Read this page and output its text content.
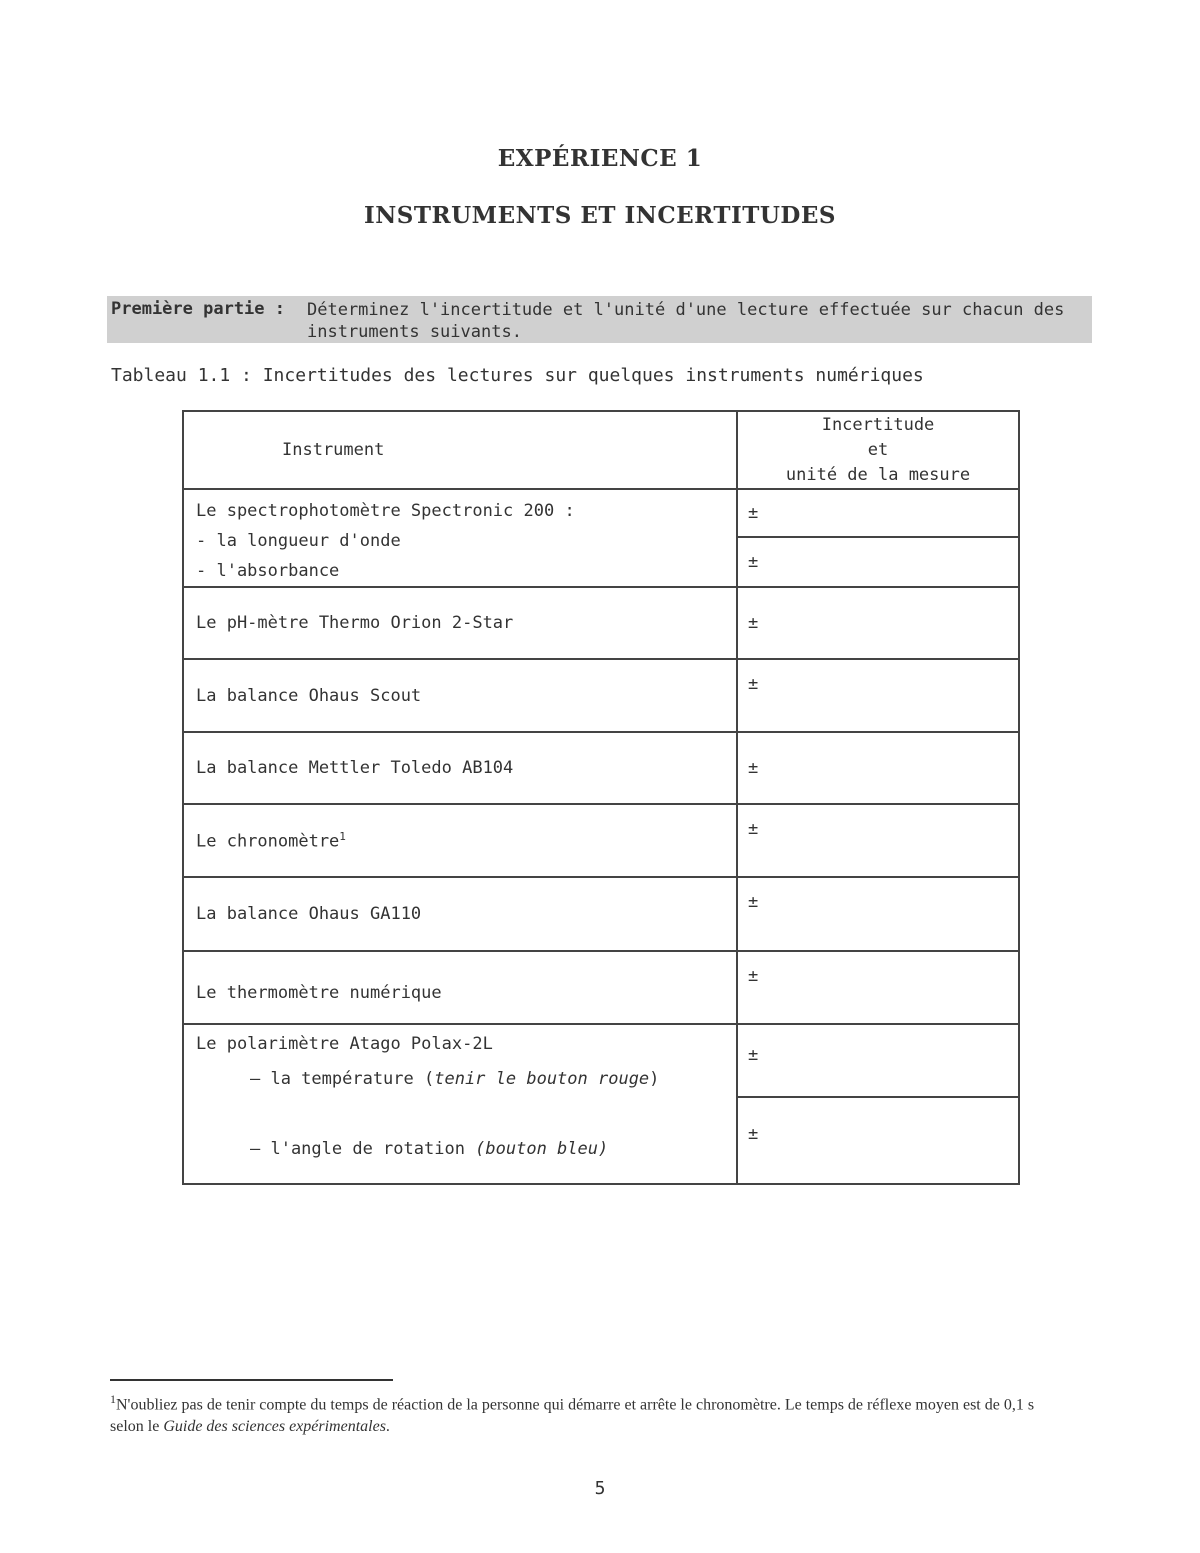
EXPÉRIENCE 1
INSTRUMENTS ET INCERTITUDES
Première partie : Déterminez l'incertitude et l'unité d'une lecture effectuée sur chacun des instruments suivants.
Tableau 1.1 : Incertitudes des lectures sur quelques instruments numériques
Instrument	Incertitude
et
unité de la mesure

Le spectrophotomètre Spectronic 200 :
- la longueur d'onde
- l'absorbance	±
	±
Le pH-mètre Thermo Orion 2-Star	±
La balance Ohaus Scout	±
La balance Mettler Toledo AB104	±
Le chronomètre$^1$	±
La balance Ohaus GA110	±
Le thermomètre numérique	±

Le polarimètre Atago Polax-2L
— la température (tenir le bouton rouge)
— l'angle de rotation (bouton bleu)	±
	±
$^1$N'oubliez pas de tenir compte du temps de réaction de la personne qui démarre et arrête le chronomètre. Le temps de réflexe moyen est de 0,1 s selon le Guide des sciences expérimentales.
5
